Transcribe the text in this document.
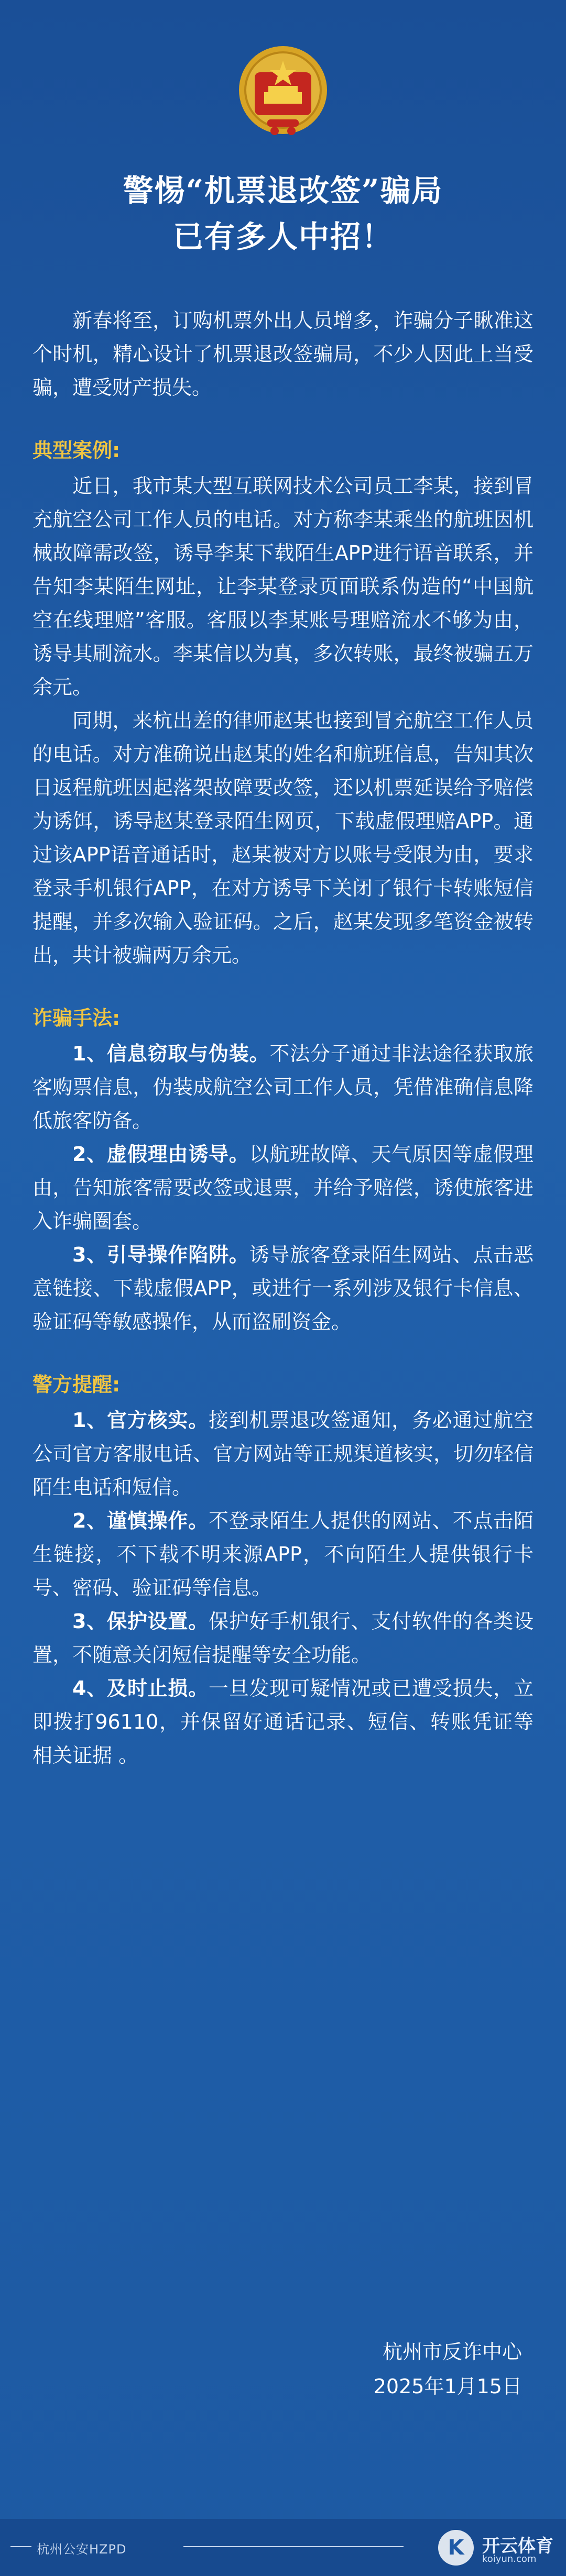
警惕“机票退改签”骗局
已有多人中招！

新春将至，订购机票外出人员增多，诈骗分子瞅准这个时机，精心设计了机票退改签骗局，不少人因此上当受骗，遭受财产损失。

典型案例:

近日，我市某大型互联网技术公司员工李某，接到冒充航空公司工作人员的电话。对方称李某乘坐的航班因机械故障需改签，诱导李某下载陌生APP进行语音联系，并告知李某陌生网址，让李某登录页面联系伪造的“中国航空在线理赔”客服。客服以李某账号理赔流水不够为由，诱导其刷流水。李某信以为真，多次转账，最终被骗五万余元。

同期，来杭出差的律师赵某也接到冒充航空工作人员的电话。对方准确说出赵某的姓名和航班信息，告知其次日返程航班因起落架故障要改签，还以机票延误给予赔偿为诱饵，诱导赵某登录陌生网页，下载虚假理赔APP。通过该APP语音通话时，赵某被对方以账号受限为由，要求登录手机银行APP，在对方诱导下关闭了银行卡转账短信提醒，并多次输入验证码。之后，赵某发现多笔资金被转出，共计被骗两万余元。

诈骗手法:

1、信息窃取与伪装。不法分子通过非法途径获取旅客购票信息，伪装成航空公司工作人员，凭借准确信息降低旅客防备。

2、虚假理由诱导。以航班故障、天气原因等虚假理由，告知旅客需要改签或退票，并给予赔偿，诱使旅客进入诈骗圈套。

3、引导操作陷阱。诱导旅客登录陌生网站、点击恶意链接、下载虚假APP，或进行一系列涉及银行卡信息、验证码等敏感操作，从而盗刷资金。

警方提醒:

1、官方核实。接到机票退改签通知，务必通过航空公司官方客服电话、官方网站等正规渠道核实，切勿轻信陌生电话和短信。

2、谨慎操作。不登录陌生人提供的网站、不点击陌生链接，不下载不明来源APP，不向陌生人提供银行卡号、密码、验证码等信息。

3、保护设置。保护好手机银行、支付软件的各类设置，不随意关闭短信提醒等安全功能。

4、及时止损。一旦发现可疑情况或已遭受损失，立即拨打96110，并保留好通话记录、短信、转账凭证等相关证据 。

杭州市反诈中心
2025年1月15日
杭州公安HZPD	K 开云体育
koiyun.com
